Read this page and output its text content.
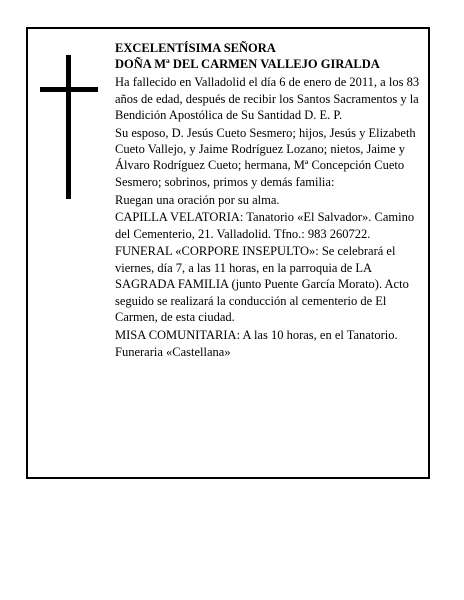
EXCELENTÍSIMA SEÑORA

DOÑA Mª DEL CARMEN VALLEJO GIRALDA

Ha fallecido en Valladolid el día 6 de enero de 2011, a los 83 años de edad, después de recibir los Santos Sacramentos y la Bendición Apostólica de Su Santidad D. E. P.

Su esposo, D. Jesús Cueto Sesmero; hijos, Jesús y Elizabeth Cueto Vallejo, y Jaime Rodríguez Lozano; nietos, Jaime y Álvaro Rodríguez Cueto; hermana, Mª Concepción Cueto Sesmero; sobrinos, primos y demás familia:

Ruegan una oración por su alma.

CAPILLA VELATORIA: Tanatorio «El Salvador». Camino del Cementerio, 21. Valladolid. Tfno.: 983 260722.

FUNERAL «CORPORE INSEPULTO»: Se celebrará el viernes, día 7, a las 11 horas, en la parroquia de LA SAGRADA FAMILIA (junto Puente García Morato). Acto seguido se realizará la conducción al cementerio de El Carmen, de esta ciudad.

MISA COMUNITARIA: A las 10 horas, en el Tanatorio.

Funeraria «Castellana»
